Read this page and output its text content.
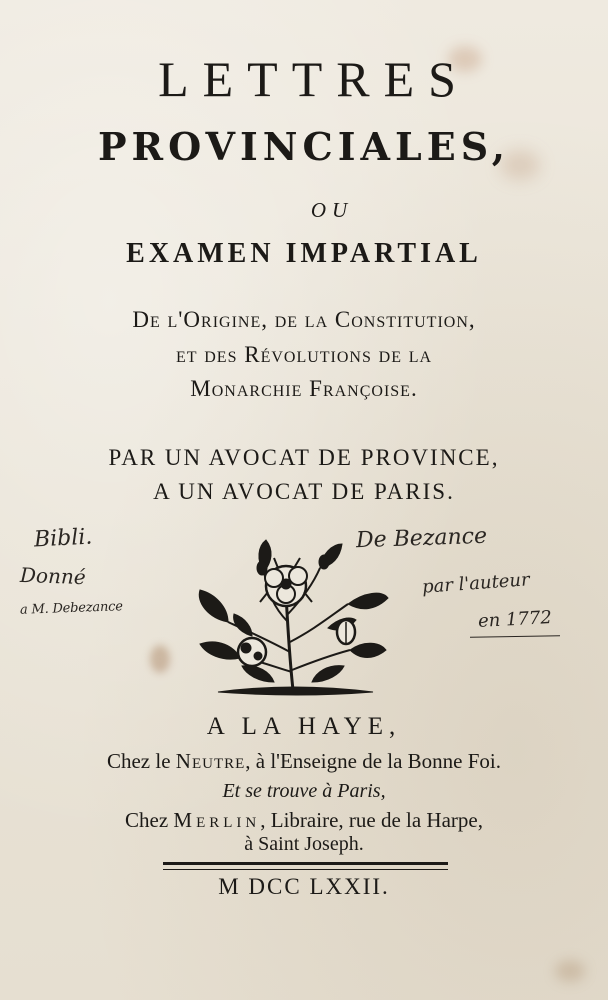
LETTRES
PROVINCIALES,
OU
EXAMEN IMPARTIAL
De l'Origine, de la Constitution,
et des Révolutions de la
Monarchie Françoise.
PAR UN AVOCAT DE PROVINCE,
A UN AVOCAT DE PARIS.
Bibli.
Donné
a M. Debezance
De Bezance
par l'auteur
en 1772
A LA HAYE,
Chez le Neutre, à l'Enseigne de la Bonne Foi.
Et se trouve à Paris,
Chez Merlin, Libraire, rue de la Harpe,
à Saint Joseph.
M DCC LXXII.
